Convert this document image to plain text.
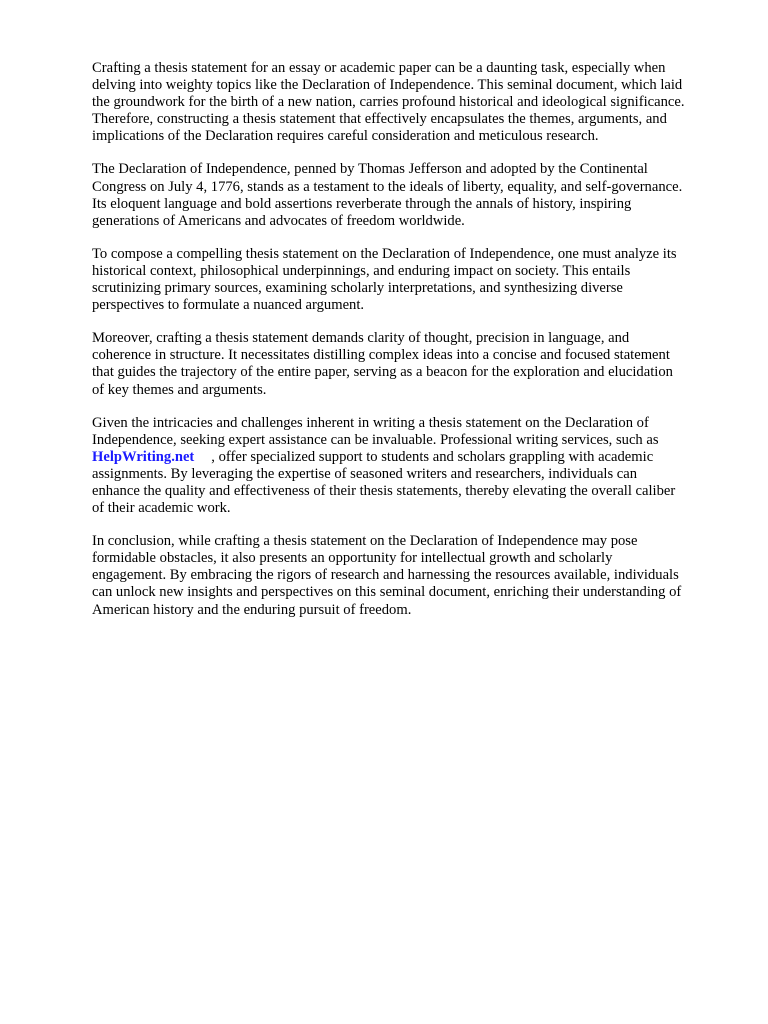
Crafting a thesis statement for an essay or academic paper can be a daunting task, especially when
delving into weighty topics like the Declaration of Independence. This seminal document, which laid
the groundwork for the birth of a new nation, carries profound historical and ideological significance.
Therefore, constructing a thesis statement that effectively encapsulates the themes, arguments, and
implications of the Declaration requires careful consideration and meticulous research.

The Declaration of Independence, penned by Thomas Jefferson and adopted by the Continental
Congress on July 4, 1776, stands as a testament to the ideals of liberty, equality, and self-governance.
Its eloquent language and bold assertions reverberate through the annals of history, inspiring
generations of Americans and advocates of freedom worldwide.

To compose a compelling thesis statement on the Declaration of Independence, one must analyze its
historical context, philosophical underpinnings, and enduring impact on society. This entails
scrutinizing primary sources, examining scholarly interpretations, and synthesizing diverse
perspectives to formulate a nuanced argument.

Moreover, crafting a thesis statement demands clarity of thought, precision in language, and
coherence in structure. It necessitates distilling complex ideas into a concise and focused statement
that guides the trajectory of the entire paper, serving as a beacon for the exploration and elucidation
of key themes and arguments.

Given the intricacies and challenges inherent in writing a thesis statement on the Declaration of
Independence, seeking expert assistance can be invaluable. Professional writing services, such as
HelpWriting.net , offer specialized support to students and scholars grappling with academic
assignments. By leveraging the expertise of seasoned writers and researchers, individuals can
enhance the quality and effectiveness of their thesis statements, thereby elevating the overall caliber
of their academic work.

In conclusion, while crafting a thesis statement on the Declaration of Independence may pose
formidable obstacles, it also presents an opportunity for intellectual growth and scholarly
engagement. By embracing the rigors of research and harnessing the resources available, individuals
can unlock new insights and perspectives on this seminal document, enriching their understanding of
American history and the enduring pursuit of freedom.
